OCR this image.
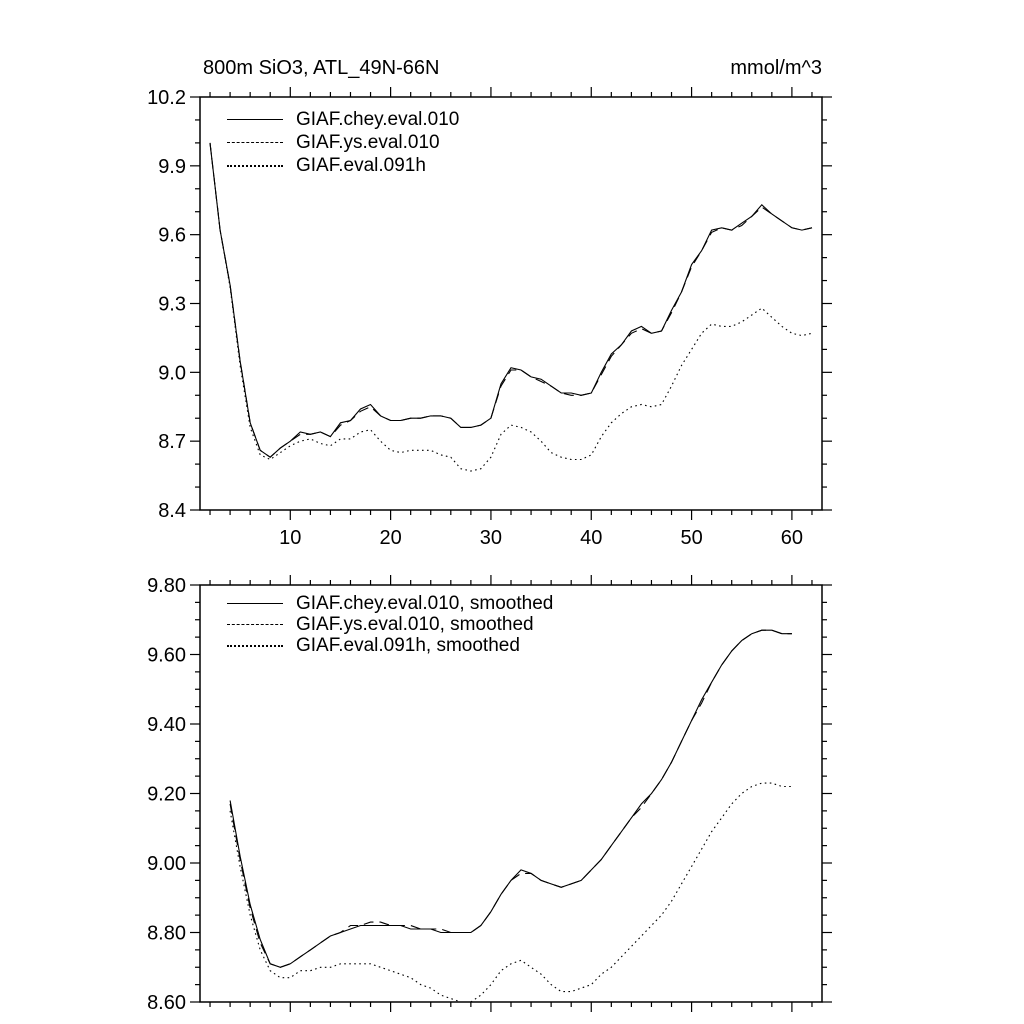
10	20	30	40	50	60
8.4
8.7
9.0
9.3
9.6
9.9
10.2
8.60
8.80
9.00
9.20
9.40
9.60
9.80
800m SiO3, ATL_49N-66N	mmol/m^3
GIAF.chey.eval.010
GIAF.ys.eval.010
GIAF.eval.091h
GIAF.chey.eval.010, smoothed
GIAF.ys.eval.010, smoothed
GIAF.eval.091h, smoothed
